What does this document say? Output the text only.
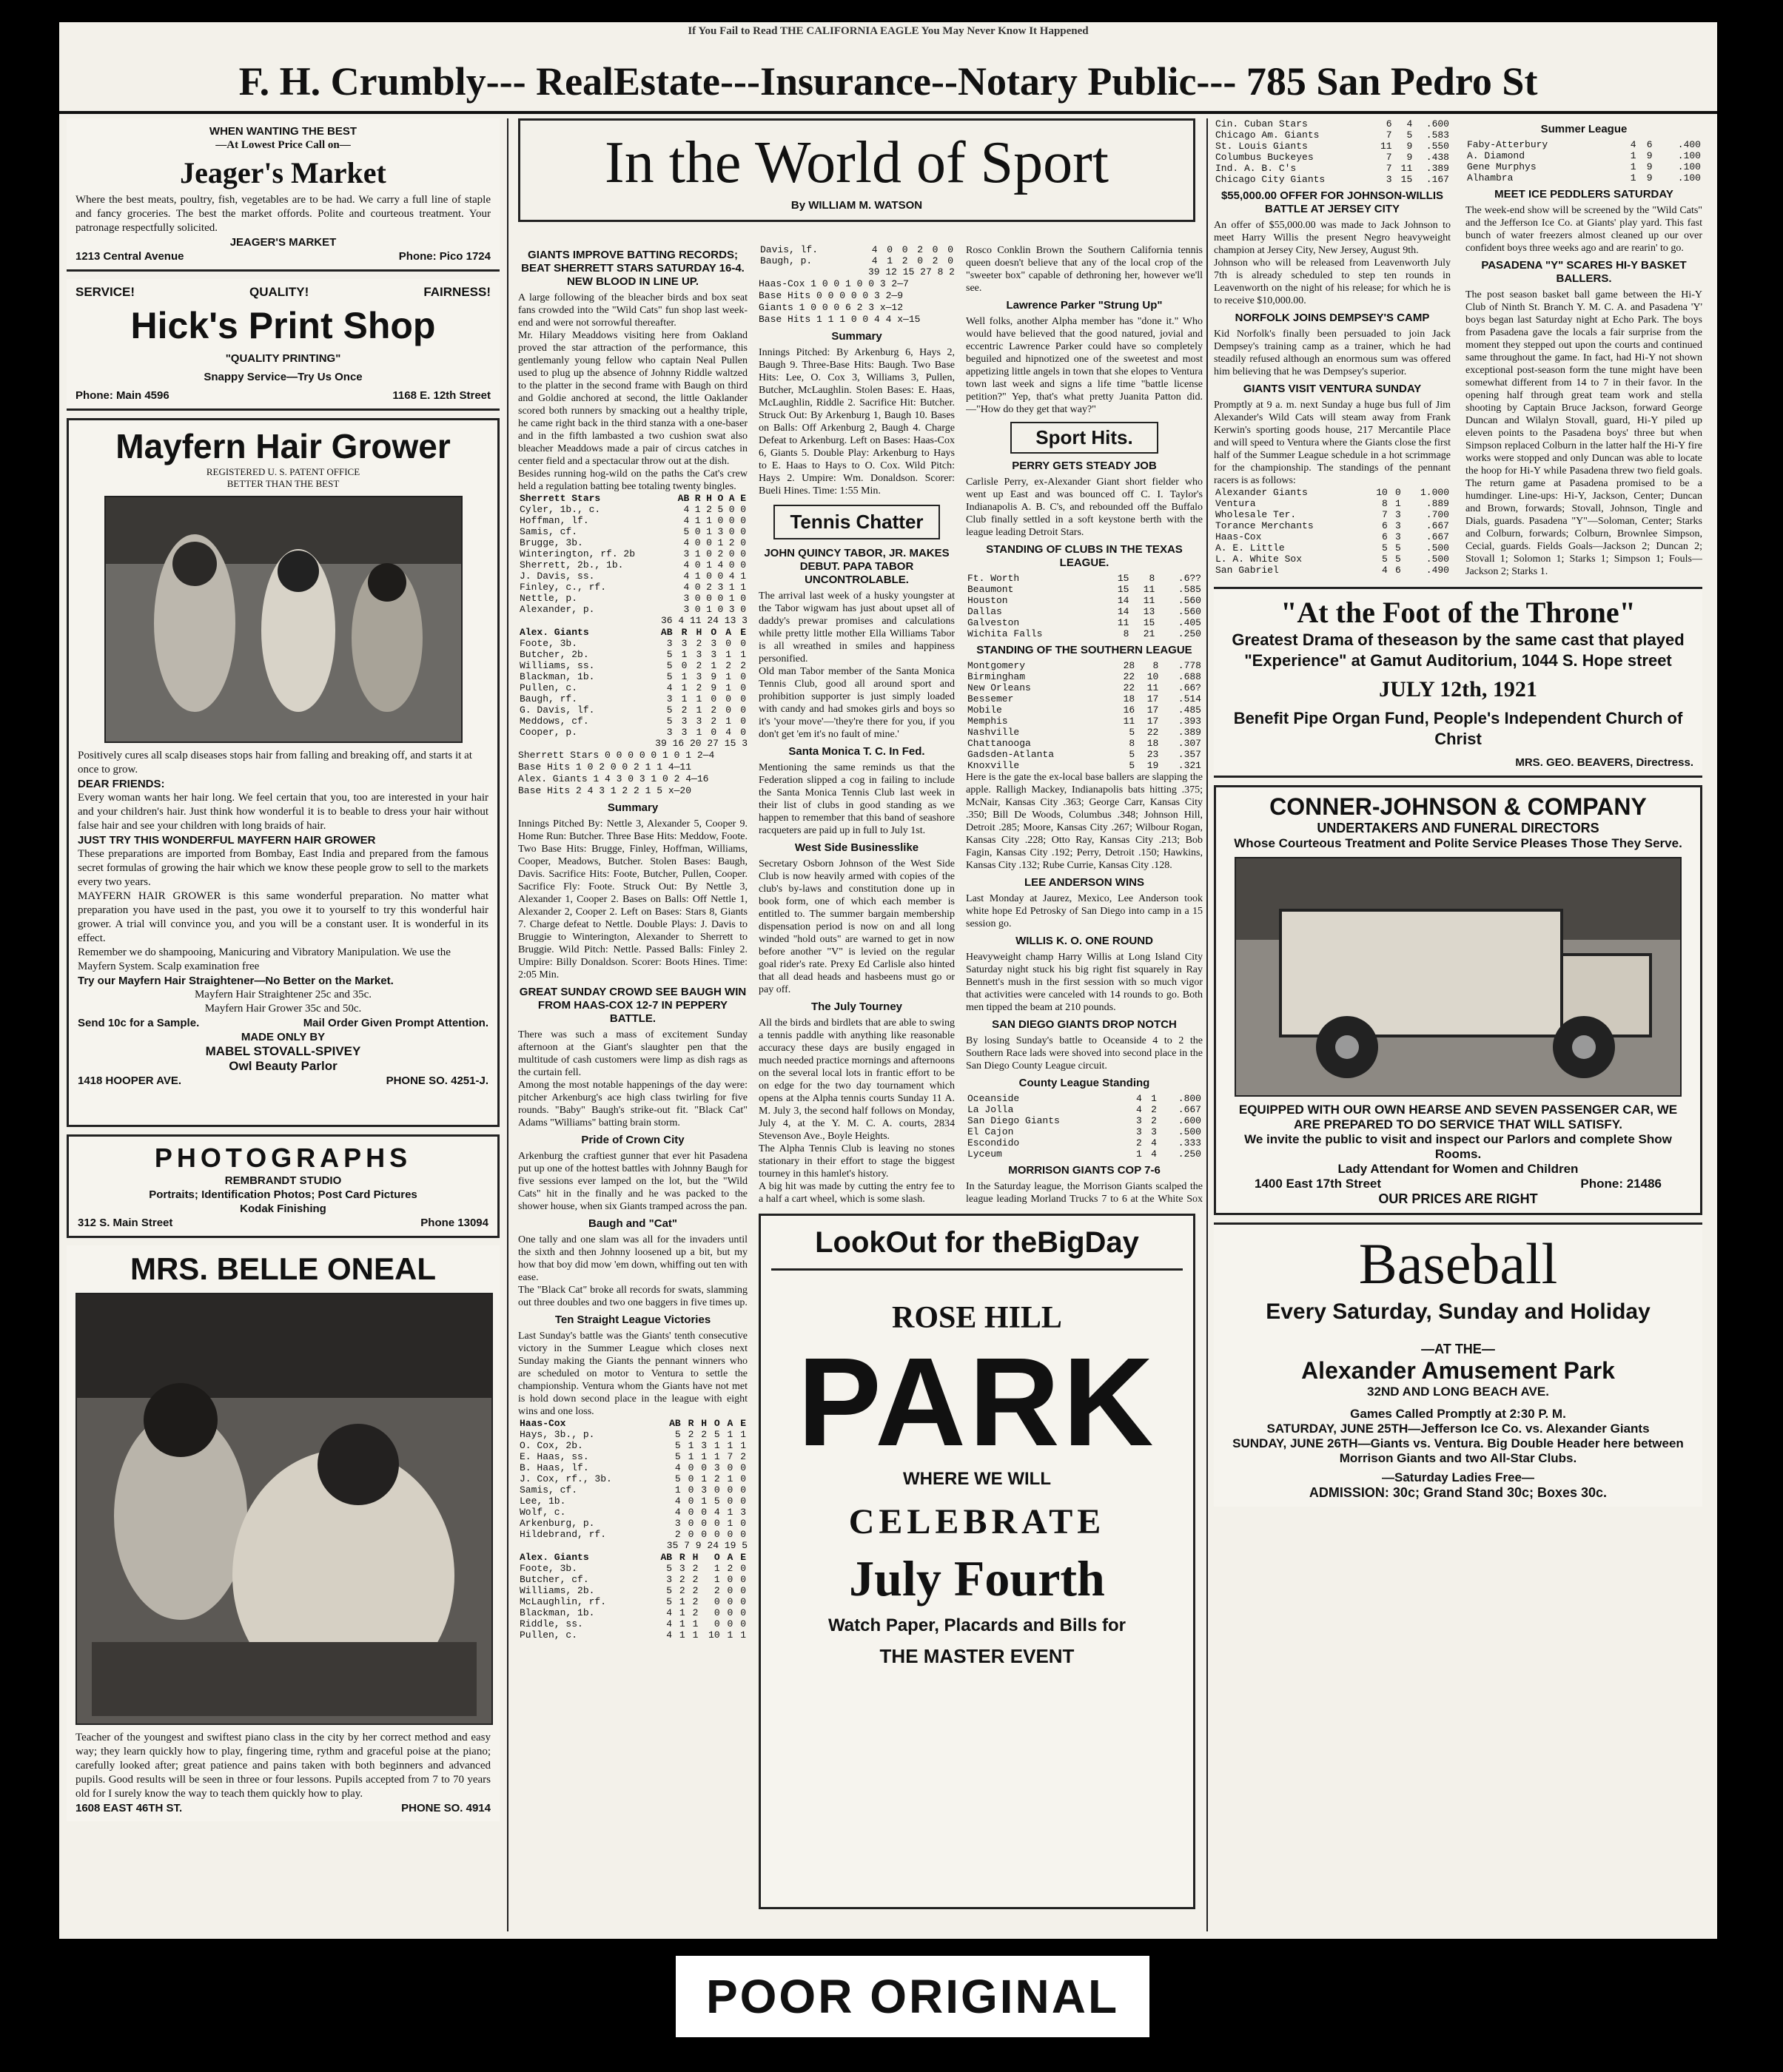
If You Fail to Read THE CALIFORNIA EAGLE You May Never Know It Happened
F. H. Crumbly--- RealEstate---Insurance--Notary Public--- 785 San Pedro St
WHEN WANTING THE BEST
—At Lowest Price Call on—
Jeager's Market
Where the best meats, poultry, fish, vegetables are to be had. We carry a full line of staple and fancy groceries. The best the market offords. Polite and courteous treatment. Your patronage respectfully solicited.
JEAGER'S MARKET
1213 Central Avenue	Phone: Pico 1724
SERVICE!	QUALITY!	FAIRNESS!
Hick's Print Shop
"QUALITY PRINTING"
Snappy Service—Try Us Once
Phone: Main 4596	1168 E. 12th Street
Mayfern Hair Grower
REGISTERED U. S. PATENT OFFICE
BETTER THAN THE BEST
Positively cures all scalp diseases stops hair from falling and breaking off, and starts it at once to grow.
DEAR FRIENDS:
Every woman wants her hair long. We feel certain that you, too are interested in your hair and your children's hair. Just think how wonderful it is to beable to dress your hair without false hair and see your children with long braids of hair.
JUST TRY THIS WONDERFUL MAYFERN HAIR GROWER
These preparations are imported from Bombay, East India and prepared from the famous secret formulas of growing the hair which we know these people grow to sell to the markets every two years.
MAYFERN HAIR GROWER is this same wonderful preparation. No matter what preparation you have used in the past, you owe it to yourself to try this wonderful hair grower. A trial will convince you, and you will be a constant user. It is wonderful in its effect.
Remember we do shampooing, Manicuring and Vibratory Manipulation. We use the Mayfern System. Scalp examination free
Try our Mayfern Hair Straightener—No Better on the Market.
Mayfern Hair Straightener 25c and 35c.
Mayfern Hair Grower 35c and 50c.
Send 10c for a Sample.	Mail Order Given Prompt Attention.
MADE ONLY BY
MABEL STOVALL-SPIVEY
Owl Beauty Parlor
1418 HOOPER AVE.	PHONE SO. 4251-J.
PHOTOGRAPHS
REMBRANDT STUDIO
Portraits; Identification Photos; Post Card Pictures
Kodak Finishing
312 S. Main Street	Phone 13094
MRS. BELLE ONEAL
Teacher of the youngest and swiftest piano class in the city by her correct method and easy way; they learn quickly how to play, fingering time, rythm and graceful poise at the piano; carefully looked after; great patience and pains taken with both beginners and advanced pupils. Good results will be seen in three or four lessons. Pupils accepted from 7 to 70 years old for I surely know the way to teach them quickly how to play.
1608 EAST 46TH ST.	PHONE SO. 4914
In the World of Sport
By WILLIAM M. WATSON
GIANTS IMPROVE BATTING RECORDS; BEAT SHERRETT STARS SATURDAY 16-4. NEW BLOOD IN LINE UP.
A large following of the bleacher birds and box seat fans crowded into the "Wild Cats" fun shop last week-end and were not sorrowful thereafter.
Mr. Hilary Meaddows visiting here from Oakland proved the star attraction of the performance, this gentlemanly young fellow who captain Neal Pullen used to plug up the absence of Johnny Riddle waltzed to the platter in the second frame with Baugh on third and Goldie anchored at second, the little Oaklander scored both runners by smacking out a healthy triple, he came right back in the third stanza with a one-baser and in the fifth lambasted a two cushion swat also bleacher Meaddows made a pair of circus catches in center field and a spectacular throw out at the dish.
Besides running hog-wild on the paths the Cat's crew held a regulation batting bee totaling twenty bingles.
Sherrett Stars	AB	R	H	O	A	E
Cyler, 1b., c.	4	1	2	5	0	0
Hoffman, lf.	4	1	1	0	0	0
Samis, cf.	5	0	1	3	0	0
Brugge, 3b.	4	0	0	1	2	0
Winterington, rf. 2b	3	1	0	2	0	0
Sherrett, 2b., 1b.	4	0	1	4	0	0
J. Davis, ss.	4	1	0	0	4	1
Finley, c., rf.	4	0	2	3	1	1
Nettle, p.	3	0	0	0	1	0
Alexander, p.	3	0	1	0	3	0
36 4 11 24 13 3
Alex. Giants	AB	R	H	O	A	E
Foote, 3b.	3	3	2	3	0	0
Butcher, 2b.	5	1	3	3	1	1
Williams, ss.	5	0	2	1	2	2
Blackman, 1b.	5	1	3	9	1	0
Pullen, c.	4	1	2	9	1	0
Baugh, rf.	3	1	1	0	0	0
G. Davis, lf.	5	2	1	2	0	0
Meddows, cf.	5	3	3	2	1	0
Cooper, p.	3	3	1	0	4	0
39 16 20 27 15 3
Sherrett Stars 0 0 0 0 0 1 0 1 2—4
Base Hits 1 0 2 0 0 2 1 1 4—11
Alex. Giants 1 4 3 0 3 1 0 2 4—16
Base Hits 2 4 3 1 2 2 1 5 x—20
Summary
Innings Pitched By: Nettle 3, Alexander 5, Cooper 9. Home Run: Butcher. Three Base Hits: Meddow, Foote. Two Base Hits: Brugge, Finley, Hoffman, Williams, Cooper, Meadows, Butcher. Stolen Bases: Baugh, Davis. Sacrifice Hits: Foote, Butcher, Pullen, Cooper. Sacrifice Fly: Foote. Struck Out: By Nettle 3, Alexander 1, Cooper 2. Bases on Balls: Off Nettle 1, Alexander 2, Cooper 2. Left on Bases: Stars 8, Giants 7. Charge defeat to Nettle. Double Plays: J. Davis to Bruggie to Winterington, Alexander to Sherrett to Bruggie. Wild Pitch: Nettle. Passed Balls: Finley 2. Umpire: Billy Donaldson. Scorer: Boots Hines. Time: 2:05 Min.
GREAT SUNDAY CROWD SEE BAUGH WIN FROM HAAS-COX 12-7 IN PEPPERY BATTLE.
There was such a mass of excitement Sunday afternoon at the Giant's slaughter pen that the multitude of cash customers were limp as dish rags as the curtain fell.
Among the most notable happenings of the day were: pitcher Arkenburg's ace high class twirling for five rounds. "Baby" Baugh's strike-out fit. "Black Cat" Adams "Williams" batting brain storm.
Pride of Crown City
Arkenburg the craftiest gunner that ever hit Pasadena put up one of the hottest battles with Johnny Baugh for five sessions ever lamped on the lot, but the "Wild Cats" hit in the finally and he was packed to the shower house, when six Giants tramped across the pan.
Baugh and "Cat"
One tally and one slam was all for the invaders until the sixth and then Johnny loosened up a bit, but my how that boy did mow 'em down, whiffing out ten with ease.
The "Black Cat" broke all records for swats, slamming out three doubles and two one baggers in five times up.
Ten Straight League Victories
Last Sunday's battle was the Giants' tenth consecutive victory in the Summer League which closes next Sunday making the Giants the pennant winners who are scheduled on motor to Ventura to settle the championship. Ventura whom the Giants have not met is hold down second place in the league with eight wins and one loss.
Haas-Cox	AB	R	H	O	A	E
Hays, 3b., p.	5	2	2	5	1	1
O. Cox, 2b.	5	1	3	1	1	1
E. Haas, ss.	5	1	1	1	7	2
B. Haas, lf.	4	0	0	3	0	0
J. Cox, rf., 3b.	5	0	1	2	1	0
Samis, cf.	1	0	3	0	0	0
Lee, 1b.	4	0	1	5	0	0
Wolf, c.	4	0	0	4	1	3
Arkenburg, p.	3	0	0	0	1	0
Hildebrand, rf.	2	0	0	0	0	0
35 7 9 24 19 5
Alex. Giants	AB	R	H	O	A	E
Foote, 3b.	5	3	2	1	2	0
Butcher, cf.	3	2	2	1	0	0
Williams, 2b.	5	2	2	2	0	0
McLaughlin, rf.	5	1	2	0	0	0
Blackman, 1b.	4	1	2	0	0	0
Riddle, ss.	4	1	1	0	0	0
Pullen, c.	4	1	1	10	1	1
Davis, lf.	4	0	0	2	0	0
Baugh, p.	4	1	2	0	2	0
39 12 15 27 8 2
Haas-Cox 1 0 0 1 0 0 3 2—7
Base Hits 0 0 0 0 0 3 2—9
Giants 1 0 0 0 6 2 3 x—12
Base Hits 1 1 1 0 0 4 4 x—15
Summary
Innings Pitched: By Arkenburg 6, Hays 2, Baugh 9. Three-Base Hits: Baugh. Two Base Hits: Lee, O. Cox 3, Williams 3, Pullen, Butcher, McLaughlin. Stolen Bases: E. Haas, McLaughlin, Riddle 2. Sacrifice Hit: Butcher. Struck Out: By Arkenburg 1, Baugh 10. Bases on Balls: Off Arkenburg 2, Baugh 4. Charge Defeat to Arkenburg. Left on Bases: Haas-Cox 6, Giants 5. Double Play: Arkenburg to Hays to E. Haas to Hays to O. Cox. Wild Pitch: Hays 2. Umpire: Wm. Donaldson. Scorer: Bueli Hines. Time: 1:55 Min.
Tennis Chatter
JOHN QUINCY TABOR, JR. MAKES DEBUT. PAPA TABOR UNCONTROLABLE.
The arrival last week of a husky youngster at the Tabor wigwam has just about upset all of daddy's prewar promises and calculations while pretty little mother Ella Williams Tabor is all wreathed in smiles and happiness personified.
Old man Tabor member of the Santa Monica Tennis Club, good all around sport and prohibition supporter is just simply loaded with candy and had smokes girls and boys so it's 'your move'—'they're there for you, if you don't get 'em it's no fault of mine.'
Santa Monica T. C. In Fed.
Mentioning the same reminds us that the Federation slipped a cog in failing to include the Santa Monica Tennis Club last week in their list of clubs in good standing as we happen to remember that this band of seashore racqueters are paid up in full to July 1st.
West Side Businesslike
Secretary Osborn Johnson of the West Side Club is now heavily armed with copies of the club's by-laws and constitution done up in book form, one of which each member is entitled to. The summer bargain membership dispensation period is now on and all long winded "hold outs" are warned to get in now before another "V" is levied on the regular goal rider's rate. Prexy Ed Carlisle also hinted that all dead heads and hasbeens must go or pay off.
The July Tourney
All the birds and birdlets that are able to swing a tennis paddle with anything like reasonable accuracy these days are busily engaged in much needed practice mornings and afternoons on the several local lots in frantic effort to be on edge for the two day tournament which opens at the Alpha tennis courts Sunday 11 A. M. July 3, the second half follows on Monday, July 4, at the Y. M. C. A. courts, 2834 Stevenson Ave., Boyle Heights.
The Alpha Tennis Club is leaving no stones stationary in their effort to stage the biggest tourney in this hamlet's history.
A big hit was made by cutting the entry fee to a half a cart wheel, which is some slash.
Rosco Conklin Brown the Southern California tennis queen doesn't believe that any of the local crop of the "sweeter box" capable of dethroning her, however we'll see.
Lawrence Parker "Strung Up"
Well folks, another Alpha member has "done it." Who would have believed that the good natured, jovial and eccentric Lawrence Parker could have so completely beguiled and hipnotized one of the sweetest and most appetizing little angels in town that she elopes to Ventura town last week and signs a life time "battle license petition?" Yep, that's what pretty Juanita Patton did.—"How do they get that way?"
Sport Hits.
PERRY GETS STEADY JOB
Carlisle Perry, ex-Alexander Giant short fielder who went up East and was bounced off C. I. Taylor's Indianapolis A. B. C's, and rebounded off the Buffalo Club finally settled in a soft keystone berth with the league leading Detroit Stars.
STANDING OF CLUBS IN THE TEXAS LEAGUE.
Ft. Worth	15	8	.6??
Beaumont	15	11	.585
Houston	14	11	.560
Dallas	14	13	.560
Galveston	11	15	.405
Wichita Falls	8	21	.250
STANDING OF THE SOUTHERN LEAGUE
Montgomery	28	8	.778
Birmingham	22	10	.688
New Orleans	22	11	.66?
Bessemer	18	17	.514
Mobile	16	17	.485
Memphis	11	17	.393
Nashville	5	22	.389
Chattanooga	8	18	.307
Gadsden-Atlanta	5	23	.357
Knoxville	5	19	.321
Here is the gate the ex-local base ballers are slapping the apple. Ralligh Mackey, Indianapolis bats hitting .375; McNair, Kansas City .363; George Carr, Kansas City .350; Bill De Woods, Columbus .348; Johnson Hill, Detroit .285; Moore, Kansas City .267; Wilbour Rogan, Kansas City .228; Otto Ray, Kansas City .213; Bob Fagin, Kansas City .192; Perry, Detroit .150; Hawkins, Kansas City .132; Rube Currie, Kansas City .128.
LEE ANDERSON WINS
Last Monday at Jaurez, Mexico, Lee Anderson took white hope Ed Petrosky of San Diego into camp in a 15 session go.
WILLIS K. O. ONE ROUND
Heavyweight champ Harry Willis at Long Island City Saturday night stuck his big right fist squarely in Ray Bennett's mush in the first session with so much vigor that activities were canceled with 14 rounds to go. Both men tipped the beam at 210 pounds.
SAN DIEGO GIANTS DROP NOTCH
By losing Sunday's battle to Oceanside 4 to 2 the Southern Race lads were shoved into second place in the San Diego County League circuit.
County League Standing
Oceanside	4	1	.800
La Jolla	4	2	.667
San Diego Giants	3	2	.600
El Cajon	3	3	.500
Escondido	2	4	.333
Lyceum	1	4	.250
MORRISON GIANTS COP 7-6
In the Saturday league, the Morrison Giants scalped the league leading Morland Trucks 7 to 6 at the White Sox

LookOut for theBigDay
ROSE HILL
PARK
WHERE WE WILL
CELEBRATE
July Fourth
Watch Paper, Placards and Bills for
THE MASTER EVENT
Cin. Cuban Stars	6	4	.600
Chicago Am. Giants	7	5	.583
St. Louis Giants	11	9	.550
Columbus Buckeyes	7	9	.438
Ind. A. B. C's	7	11	.389
Chicago City Giants	3	15	.167
$55,000.00 OFFER FOR JOHNSON-WILLIS BATTLE AT JERSEY CITY
An offer of $55,000.00 was made to Jack Johnson to meet Harry Willis the present Negro heavyweight champion at Jersey City, New Jersey, August 9th.
Johnson who will be released from Leavenworth July 7th is already scheduled to step ten rounds in Leavenworth on the night of his release; for which he is to receive $10,000.00.
NORFOLK JOINS DEMPSEY'S CAMP
Kid Norfolk's finally been persuaded to join Jack Dempsey's training camp as a trainer, which he had steadily refused although an enormous sum was offered him believing that he was Dempsey's superior.
GIANTS VISIT VENTURA SUNDAY
Promptly at 9 a. m. next Sunday a huge bus full of Jim Alexander's Wild Cats will steam away from Frank Kerwin's sporting goods house, 217 Mercantile Place and will speed to Ventura where the Giants close the first half of the Summer League schedule in a hot scrimmage for the championship. The standings of the pennant racers is as follows:
Alexander Giants	10	0	1.000
Ventura	8	1	.889
Wholesale Ter.	7	3	.700
Torance Merchants	6	3	.667
Haas-Cox	6	3	.667
A. E. Little	5	5	.500
L. A. White Sox	5	5	.500
San Gabriel	4	6	.490
Summer League
Faby-Atterbury	4	6	.400
A. Diamond	1	9	.100
Gene Murphys	1	9	.100
Alhambra	1	9	.100
MEET ICE PEDDLERS SATURDAY
The week-end show will be screened by the "Wild Cats" and the Jefferson Ice Co. at Giants' play yard. This fast bunch of water freezers almost cleaned up our over confident boys three weeks ago and are rearin' to go.
PASADENA "Y" SCARES HI-Y BASKET BALLERS.
The post season basket ball game between the Hi-Y Club of Ninth St. Branch Y. M. C. A. and Pasadena 'Y' boys began last Saturday night at Echo Park. The boys from Pasadena gave the locals a fair surprise from the moment they stepped out upon the courts and continued same throughout the game. In fact, had Hi-Y not shown exceptional post-season form the tune might have been somewhat different from 14 to 7 in their favor. In the opening half through great team work and stella shooting by Captain Bruce Jackson, forward George Duncan and Wilalyn Stovall, guard, Hi-Y piled up eleven points to the Pasadena boys' three but when Simpson replaced Colburn in the latter half the Hi-Y fire works were stopped and only Duncan was able to locate the hoop for Hi-Y while Pasadena threw two field goals. The return game at Pasadena promised to be a humdinger. Line-ups: Hi-Y, Jackson, Center; Duncan and Brown, forwards; Stovall, Johnson, Tingle and Dials, guards. Pasadena "Y"—Soloman, Center; Starks and Colburn, forwards; Colburn, Brownlee Simpson, Cecial, guards. Fields Goals—Jackson 2; Duncan 2; Stovall 1; Solomon 1; Starks 1; Simpson 1; Fouls—Jackson 2; Starks 1.
"At the Foot of the Throne"
Greatest Drama of theseason by the same cast that played "Experience" at Gamut Auditorium, 1044 S. Hope street
JULY 12th, 1921
Benefit Pipe Organ Fund, People's Independent Church of Christ
MRS. GEO. BEAVERS, Directress.
CONNER-JOHNSON & COMPANY
UNDERTAKERS AND FUNERAL DIRECTORS
Whose Courteous Treatment and Polite Service Pleases Those They Serve.
EQUIPPED WITH OUR OWN HEARSE AND SEVEN PASSENGER CAR, WE ARE PREPARED TO DO SERVICE THAT WILL SATISFY.
We invite the public to visit and inspect our Parlors and complete Show Rooms.
Lady Attendant for Women and Children
1400 East 17th Street	Phone: 21486
OUR PRICES ARE RIGHT
Baseball
Every Saturday, Sunday and Holiday
—AT THE—
Alexander Amusement Park
32ND AND LONG BEACH AVE.
Games Called Promptly at 2:30 P. M.
SATURDAY, JUNE 25TH—Jefferson Ice Co. vs. Alexander Giants
SUNDAY, JUNE 26TH—Giants vs. Ventura. Big Double Header here between Morrison Giants and two All-Star Clubs.
—Saturday Ladies Free—
ADMISSION: 30c; Grand Stand 30c; Boxes 30c.
POOR ORIGINAL
